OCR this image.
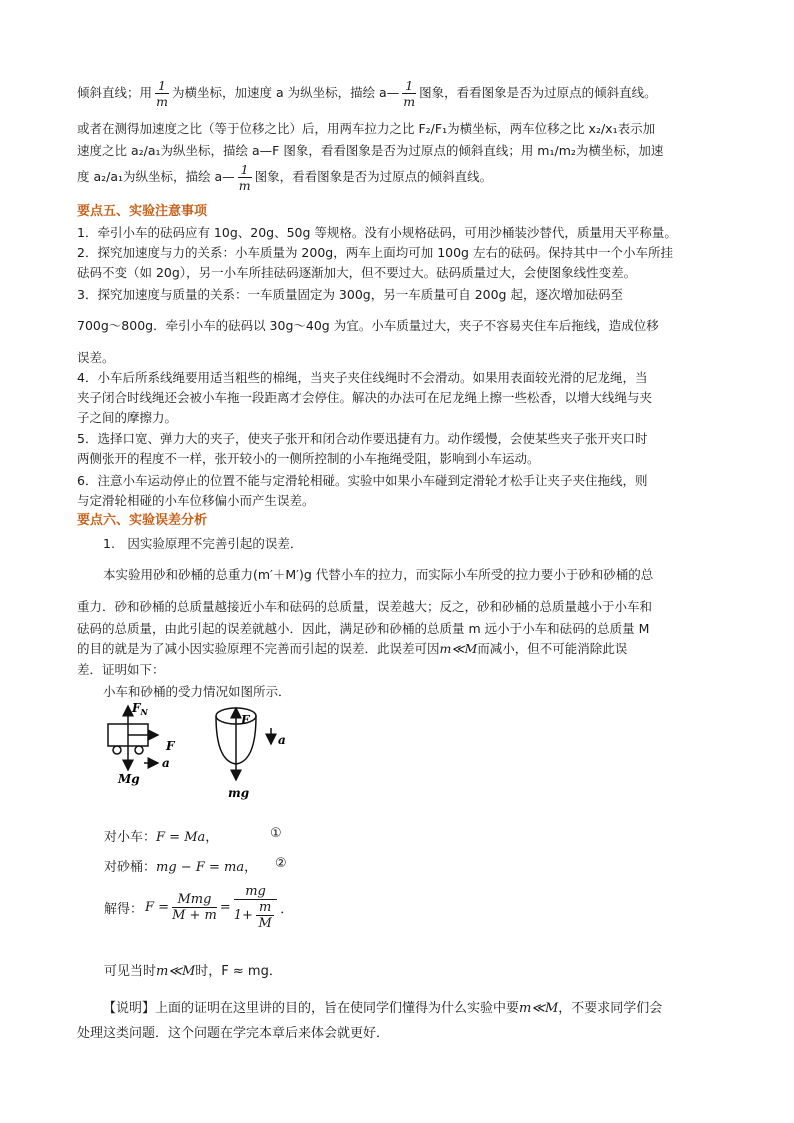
倾斜直线；用 $\frac{1}{m}$ 为横坐标，加速度 a 为纵坐标，描绘 a— $\frac{1}{m}$ 图象，看看图象是否为过原点的倾斜直线。
或者在测得加速度之比（等于位移之比）后，用两车拉力之比 F₂/F₁为横坐标，两车位移之比 x₂/x₁表示加
速度之比 a₂/a₁为纵坐标，描绘 a—F 图象，看看图象是否为过原点的倾斜直线；用 m₁/m₂为横坐标，加速
度 a₂/a₁为纵坐标，描绘 a— $\frac{1}{m}$ 图象，看看图象是否为过原点的倾斜直线。
要点五、实验注意事项
1．牵引小车的砝码应有 10g、20g、50g 等规格。没有小规格砝码，可用沙桶装沙替代，质量用天平称量。
2．探究加速度与力的关系：小车质量为 200g，两车上面均可加 100g 左右的砝码。保持其中一个小车所挂
砝码不变（如 20g），另一小车所挂砝码逐渐加大，但不要过大。砝码质量过大，会使图象线性变差。
3．探究加速度与质量的关系：一车质量固定为 300g，另一车质量可自 200g 起，逐次增加砝码至
700g～800g．牵引小车的砝码以 30g～40g 为宜。小车质量过大，夹子不容易夹住车后拖线，造成位移
误差。
4．小车后所系线绳要用适当粗些的棉绳，当夹子夹住线绳时不会滑动。如果用表面较光滑的尼龙绳，当
夹子闭合时线绳还会被小车拖一段距离才会停住。解决的办法可在尼龙绳上擦一些松香，以增大线绳与夹
子之间的摩擦力。
5．选择口宽、弹力大的夹子，使夹子张开和闭合动作要迅捷有力。动作缓慢，会使某些夹子张开夹口时
两侧张开的程度不一样，张开较小的一侧所控制的小车拖绳受阻，影响到小车运动。
6．注意小车运动停止的位置不能与定滑轮相碰。实验中如果小车碰到定滑轮才松手让夹子夹住拖线，则
与定滑轮相碰的小车位移偏小而产生误差。
要点六、实验误差分析
1.　因实验原理不完善引起的误差．
本实验用砂和砂桶的总重力(m′＋M′)g 代替小车的拉力，而实际小车所受的拉力要小于砂和砂桶的总
重力．砂和砂桶的总质量越接近小车和砝码的总质量，误差越大；反之，砂和砂桶的总质量越小于小车和
砝码的总质量，由此引起的误差就越小．因此，满足砂和砂桶的总质量 m 远小于小车和砝码的总质量 M
的目的就是为了减小因实验原理不完善而引起的误差．此误差可因m≪M而减小，但不可能消除此误
差．证明如下：
小车和砂桶的受力情况如图所示．
$F_N$
F
Mg
a
F
a
mg
对小车：F = Ma，	①
对砂桶：mg − F = ma， ②
解得： $F = \frac{\text{Mmg}}{M + m} = \frac{mg}{1+ \frac{m}{M}}$ ．
可见当时m≪M时，F ≈ mg．
【说明】上面的证明在这里讲的目的，旨在使同学们懂得为什么实验中要m≪M，不要求同学们会
处理这类问题．这个问题在学完本章后来体会就更好．
